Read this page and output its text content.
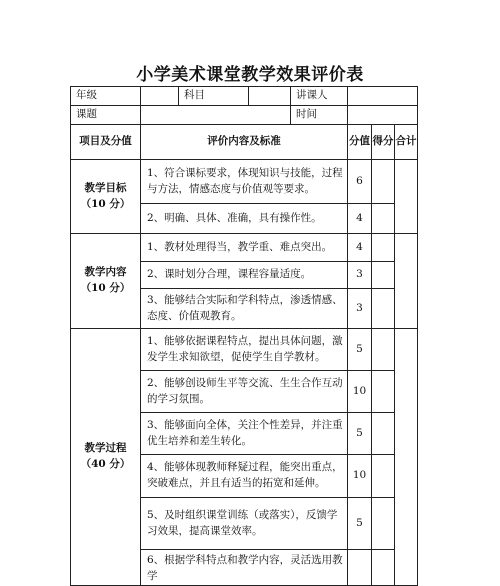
小学美术课堂教学效果评价表
年级		科目		讲课人			
课题				时间			
项目及分值	评价内容及标准				分值	得分	合计

教学目标
（10 分）	1、符合课标要求，体现知识与技能，过程与方法，情感态度与价值观等要求。				6		
	2、明确、具体、准确，具有操作性。				4		

教学内容
（10 分）	1、教材处理得当，教学重、难点突出。				4		
	2、课时划分合理，课程容量适度。				3		
	3、能够结合实际和学科特点，渗透情感、态度、价值观教育。				3		

教学过程
（40 分）	1、能够依据课程特点，提出具体问题，激发学生求知欲望，促使学生自学教材。				5		
	2、能够创设师生平等交流、生生合作互动的学习氛围。				10		
	3、能够面向全体，关注个性差异，并注重优生培养和差生转化。				5		
	4、能够体现教师释疑过程，能突出重点，突破难点，并且有适当的拓宽和延伸。				10		
	5、及时组织课堂训练（或落实），反馈学习效果，提高课堂效率。				5		
	6、根据学科特点和教学内容，灵活选用教学						
